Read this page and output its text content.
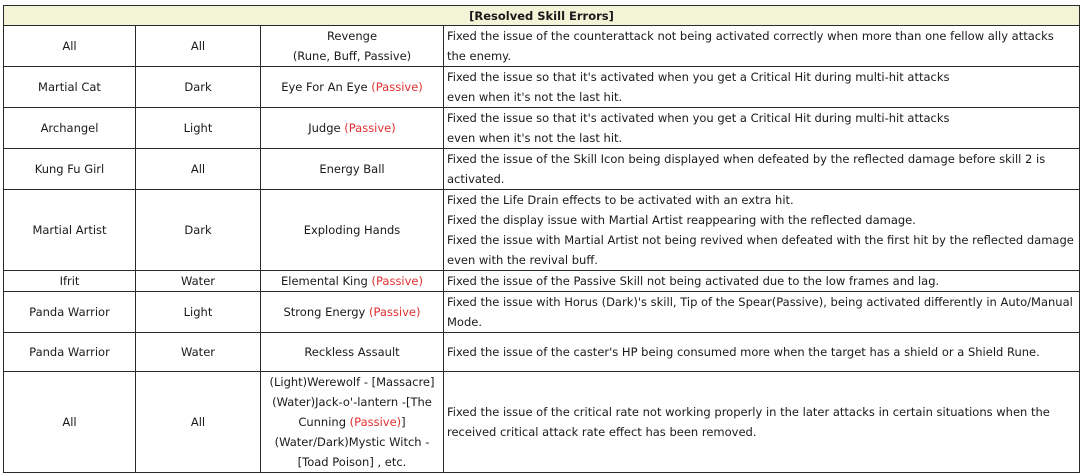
[Resolved Skill Errors]			
All	All	Revenge
(Rune, Buff, Passive)	Fixed the issue of the counterattack not being activated correctly when more than one fellow ally attacks the enemy.

Martial Cat	Dark	Eye For An Eye (Passive)	Fixed the issue so that it's activated when you get a Critical Hit during multi-hit attacks
even when it's not the last hit.

Archangel	Light	Judge (Passive)	Fixed the issue so that it's activated when you get a Critical Hit during multi-hit attacks
even when it's not the last hit.

Kung Fu Girl	All	Energy Ball	Fixed the issue of the Skill Icon being displayed when defeated by the reflected damage before skill 2 is activated.

Martial Artist	Dark	Exploding Hands	Fixed the Life Drain effects to be activated with an extra hit.
Fixed the display issue with Martial Artist reappearing with the reflected damage.
Fixed the issue with Martial Artist not being revived when defeated with the first hit by the reflected damage even with the revival buff.

Ifrit	Water	Elemental King (Passive)	Fixed the issue of the Passive Skill not being activated due to the low frames and lag.

Panda Warrior	Light	Strong Energy (Passive)	Fixed the issue with Horus (Dark)'s skill, Tip of the Spear(Passive), being activated differently in Auto/Manual Mode.

Panda Warrior	Water	Reckless Assault	Fixed the issue of the caster's HP being consumed more when the target has a shield or a Shield Rune.

All	All	(Light)Werewolf - [Massacre]
(Water)Jack-o'-lantern -[The
Cunning (Passive)]
(Water/Dark)Mystic Witch -
[Toad Poison] , etc.	Fixed the issue of the critical rate not working properly in the later attacks in certain situations when the received critical attack rate effect has been removed.
